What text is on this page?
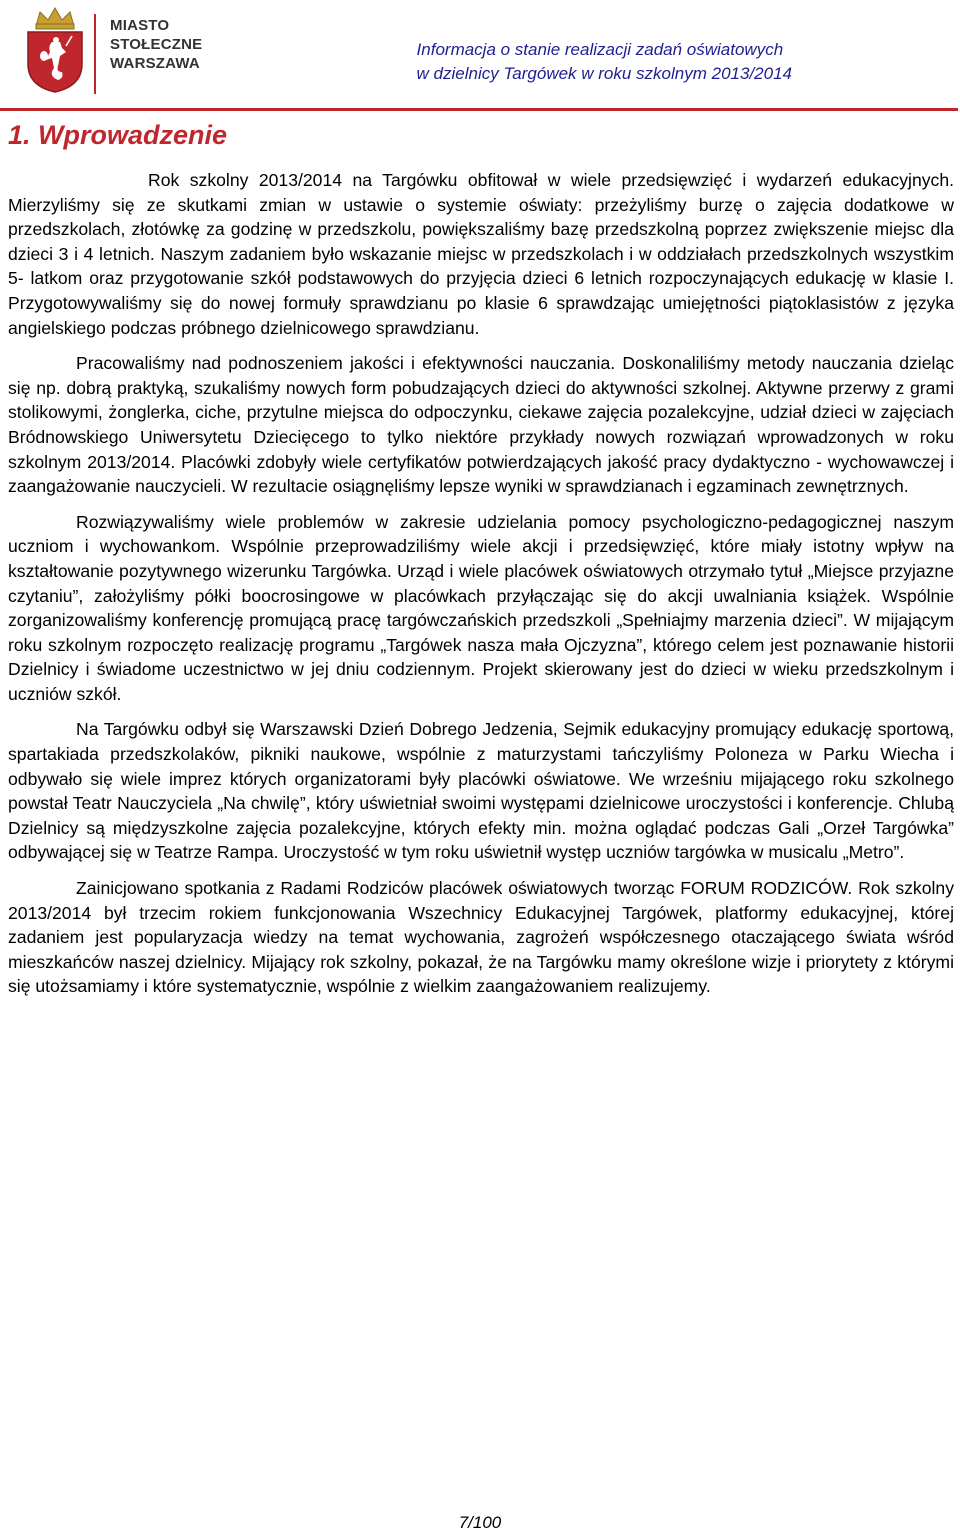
MIASTO
STOŁECZNE
WARSZAWA
Informacja o stanie realizacji zadań oświatowych
w dzielnicy Targówek w roku szkolnym 2013/2014
1. Wprowadzenie

Rok szkolny 2013/2014 na Targówku obfitował w wiele przedsięwzięć i wydarzeń edukacyjnych. Mierzyliśmy się ze skutkami zmian w ustawie o systemie oświaty: przeżyliśmy burzę o zajęcia dodatkowe w przedszkolach, złotówkę za godzinę w przedszkolu, powiększaliśmy bazę przedszkolną poprzez zwiększenie miejsc dla dzieci 3 i 4 letnich. Naszym zadaniem było wskazanie miejsc w przedszkolach i w oddziałach przedszkolnych wszystkim 5- latkom oraz przygotowanie szkół podstawowych do przyjęcia dzieci 6 letnich rozpoczynających edukację w klasie I. Przygotowywaliśmy się do nowej formuły sprawdzianu po klasie 6 sprawdzając umiejętności piątoklasistów z języka angielskiego podczas próbnego dzielnicowego sprawdzianu.

Pracowaliśmy nad podnoszeniem jakości i efektywności nauczania. Doskonaliliśmy metody nauczania dzieląc się np. dobrą praktyką, szukaliśmy nowych form pobudzających dzieci do aktywności szkolnej. Aktywne przerwy z grami stolikowymi, żonglerka, ciche, przytulne miejsca do odpoczynku, ciekawe zajęcia pozalekcyjne, udział dzieci w zajęciach Bródnowskiego Uniwersytetu Dziecięcego to tylko niektóre przykłady nowych rozwiązań wprowadzonych w roku szkolnym 2013/2014. Placówki zdobyły wiele certyfikatów potwierdzających jakość pracy dydaktyczno - wychowawczej i zaangażowanie nauczycieli. W rezultacie osiągnęliśmy lepsze wyniki w sprawdzianach i egzaminach zewnętrznych.

Rozwiązywaliśmy wiele problemów w zakresie udzielania pomocy psychologiczno-pedagogicznej naszym uczniom i wychowankom. Wspólnie przeprowadziliśmy wiele akcji i przedsięwzięć, które miały istotny wpływ na kształtowanie pozytywnego wizerunku Targówka. Urząd i wiele placówek oświatowych otrzymało tytuł „Miejsce przyjazne czytaniu”, założyliśmy półki boocrosingowe w placówkach przyłączając się do akcji uwalniania książek. Wspólnie zorganizowaliśmy konferencję promującą pracę targówczańskich przedszkoli „Spełniajmy marzenia dzieci”. W mijającym roku szkolnym rozpoczęto realizację programu „Targówek nasza mała Ojczyzna”, którego celem jest poznawanie historii Dzielnicy i świadome uczestnictwo w jej dniu codziennym. Projekt skierowany jest do dzieci w wieku przedszkolnym i uczniów szkół.

Na Targówku odbył się Warszawski Dzień Dobrego Jedzenia, Sejmik edukacyjny promujący edukację sportową, spartakiada przedszkolaków, pikniki naukowe, wspólnie z maturzystami tańczyliśmy Poloneza w Parku Wiecha i odbywało się wiele imprez których organizatorami były placówki oświatowe. We wrześniu mijającego roku szkolnego powstał Teatr Nauczyciela „Na chwilę”, który uświetniał swoimi występami dzielnicowe uroczystości i konferencje. Chlubą Dzielnicy są międzyszkolne zajęcia pozalekcyjne, których efekty min. można oglądać podczas Gali „Orzeł Targówka” odbywającej się w Teatrze Rampa. Uroczystość w tym roku uświetnił występ uczniów targówka w musicalu „Metro”.

Zainicjowano spotkania z Radami Rodziców placówek oświatowych tworząc FORUM RODZICÓW. Rok szkolny 2013/2014 był trzecim rokiem funkcjonowania Wszechnicy Edukacyjnej Targówek, platformy edukacyjnej, której zadaniem jest popularyzacja wiedzy na temat wychowania, zagrożeń współczesnego otaczającego świata wśród mieszkańców naszej dzielnicy. Mijający rok szkolny, pokazał, że na Targówku mamy określone wizje i priorytety z którymi się utożsamiamy i które systematycznie, wspólnie z wielkim zaangażowaniem realizujemy.

7/100
